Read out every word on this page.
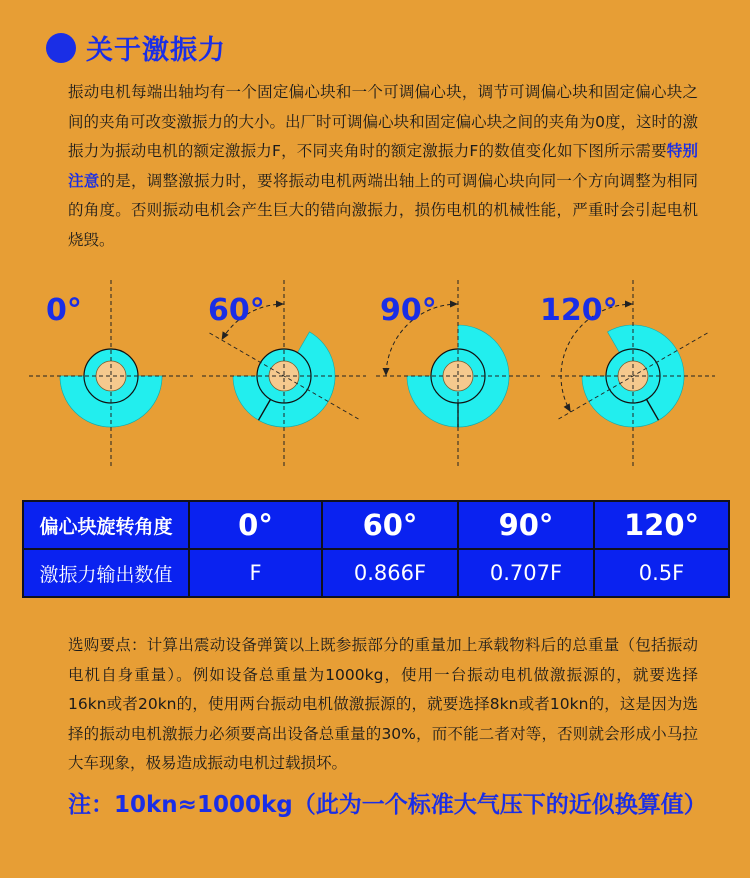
关于激振力
振动电机每端出轴均有一个固定偏心块和一个可调偏心块，调节可调偏心块和固定偏心块之间的夹角可改变激振力的大小。出厂时可调偏心块和固定偏心块之间的夹角为0度，这时的激振力为振动电机的额定激振力F，不同夹角时的额定激振力F的数值变化如下图所示需要特别注意的是，调整激振力时，要将振动电机两端出轴上的可调偏心块向同一个方向调整为相同的角度。否则振动电机会产生巨大的错向激振力，损伤电机的机械性能，严重时会引起电机烧毁。
0°	60°	90°	120°
偏心块旋转角度	0°	60°	90°	120°
激振力输出数值	F	0.866F	0.707F	0.5F
选购要点：计算出震动设备弹簧以上既参振部分的重量加上承载物料后的总重量（包括振动电机自身重量）。例如设备总重量为1000kg，使用一台振动电机做激振源的，就要选择16kn或者20kn的，使用两台振动电机做激振源的，就要选择8kn或者10kn的，这是因为选择的振动电机激振力必须要高出设备总重量的30%，而不能二者对等，否则就会形成小马拉大车现象，极易造成振动电机过载损坏。
注：10kn≈1000kg（此为一个标准大气压下的近似换算值）
